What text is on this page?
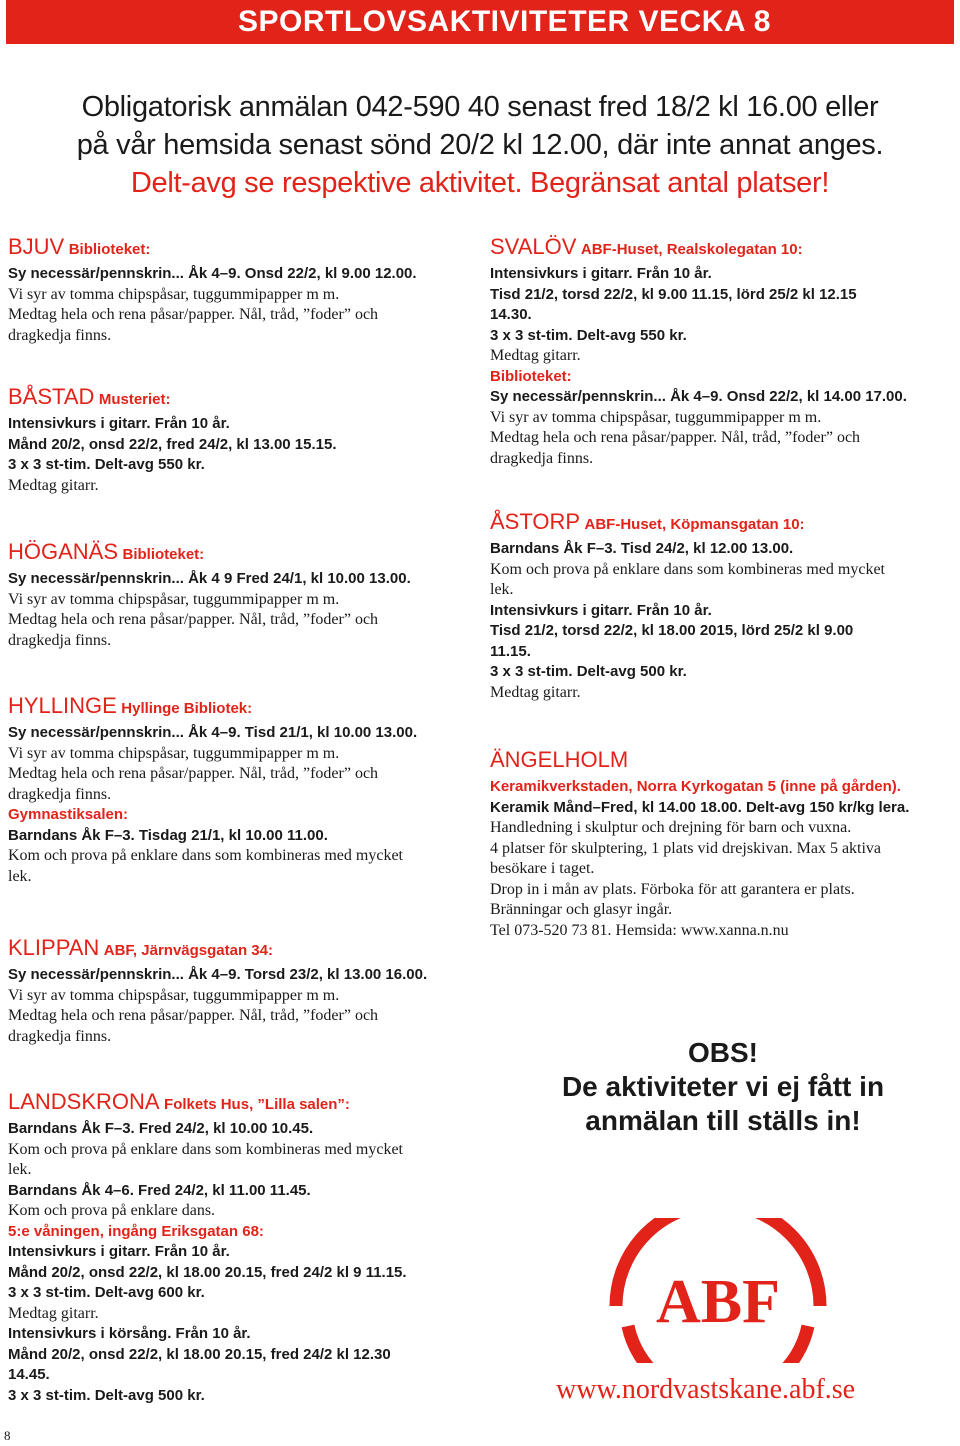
SPORTLOVSAKTIVITETER VECKA 8
Obligatorisk anmälan 042-590 40 senast fred 18/2 kl 16.00 eller
på vår hemsida senast sönd 20/2 kl 12.00, där inte annat anges.
Delt-avg se respektive aktivitet. Begränsat antal platser!
BJUV Biblioteket:
Sy necessär/pennskrin... Åk 4–9. Onsd 22/2, kl 9.00 12.00.
Vi syr av tomma chipspåsar, tuggummipapper m m.
Medtag hela och rena påsar/papper. Nål, tråd, ”foder” och
dragkedja finns.
BÅSTAD Musteriet:
Intensivkurs i gitarr. Från 10 år.
Månd 20/2, onsd 22/2, fred 24/2, kl 13.00 15.15.
3 x 3 st-tim. Delt-avg 550 kr.
Medtag gitarr.
HÖGANÄS Biblioteket:
Sy necessär/pennskrin... Åk 4 9 Fred 24/1, kl 10.00 13.00.
Vi syr av tomma chipspåsar, tuggummipapper m m.
Medtag hela och rena påsar/papper. Nål, tråd, ”foder” och
dragkedja finns.
HYLLINGE Hyllinge Bibliotek:
Sy necessär/pennskrin... Åk 4–9. Tisd 21/1, kl 10.00 13.00.
Vi syr av tomma chipspåsar, tuggummipapper m m.
Medtag hela och rena påsar/papper. Nål, tråd, ”foder” och
dragkedja finns.
Gymnastiksalen:
Barndans Åk F–3. Tisdag 21/1, kl 10.00 11.00.
Kom och prova på enklare dans som kombineras med mycket
lek.
KLIPPAN ABF, Järnvägsgatan 34:
Sy necessär/pennskrin... Åk 4–9. Torsd 23/2, kl 13.00 16.00.
Vi syr av tomma chipspåsar, tuggummipapper m m.
Medtag hela och rena påsar/papper. Nål, tråd, ”foder” och
dragkedja finns.
LANDSKRONA Folkets Hus, ”Lilla salen”:
Barndans Åk F–3. Fred 24/2, kl 10.00 10.45.
Kom och prova på enklare dans som kombineras med mycket
lek.
Barndans Åk 4–6. Fred 24/2, kl 11.00 11.45.
Kom och prova på enklare dans.
5:e våningen, ingång Eriksgatan 68:
Intensivkurs i gitarr. Från 10 år.
Månd 20/2, onsd 22/2, kl 18.00 20.15, fred 24/2 kl 9 11.15.
3 x 3 st-tim. Delt-avg 600 kr.
Medtag gitarr.
Intensivkurs i körsång. Från 10 år.
Månd 20/2, onsd 22/2, kl 18.00 20.15, fred 24/2 kl 12.30
14.45.
3 x 3 st-tim. Delt-avg 500 kr.
SVALÖV ABF-Huset, Realskolegatan 10:
Intensivkurs i gitarr. Från 10 år.
Tisd 21/2, torsd 22/2, kl 9.00 11.15, lörd 25/2 kl 12.15
14.30.
3 x 3 st-tim. Delt-avg 550 kr.
Medtag gitarr.
Biblioteket:
Sy necessär/pennskrin... Åk 4–9. Onsd 22/2, kl 14.00 17.00.
Vi syr av tomma chipspåsar, tuggummipapper m m.
Medtag hela och rena påsar/papper. Nål, tråd, ”foder” och
dragkedja finns.
ÅSTORP ABF-Huset, Köpmansgatan 10:
Barndans Åk F–3. Tisd 24/2, kl 12.00 13.00.
Kom och prova på enklare dans som kombineras med mycket
lek.
Intensivkurs i gitarr. Från 10 år.
Tisd 21/2, torsd 22/2, kl 18.00 2015, lörd 25/2 kl 9.00
11.15.
3 x 3 st-tim. Delt-avg 500 kr.
Medtag gitarr.
ÄNGELHOLM
Keramikverkstaden, Norra Kyrkogatan 5 (inne på gården).
Keramik Månd–Fred, kl 14.00 18.00. Delt-avg 150 kr/kg lera.
Handledning i skulptur och drejning för barn och vuxna.
4 platser för skulptering, 1 plats vid drejskivan. Max 5 aktiva
besökare i taget.
Drop in i mån av plats. Förboka för att garantera er plats.
Bränningar och glasyr ingår.
Tel 073-520 73 81. Hemsida: www.xanna.n.nu
OBS!
De aktiviteter vi ej fått in
anmälan till ställs in!
ABF
www.nordvastskane.abf.se
8
